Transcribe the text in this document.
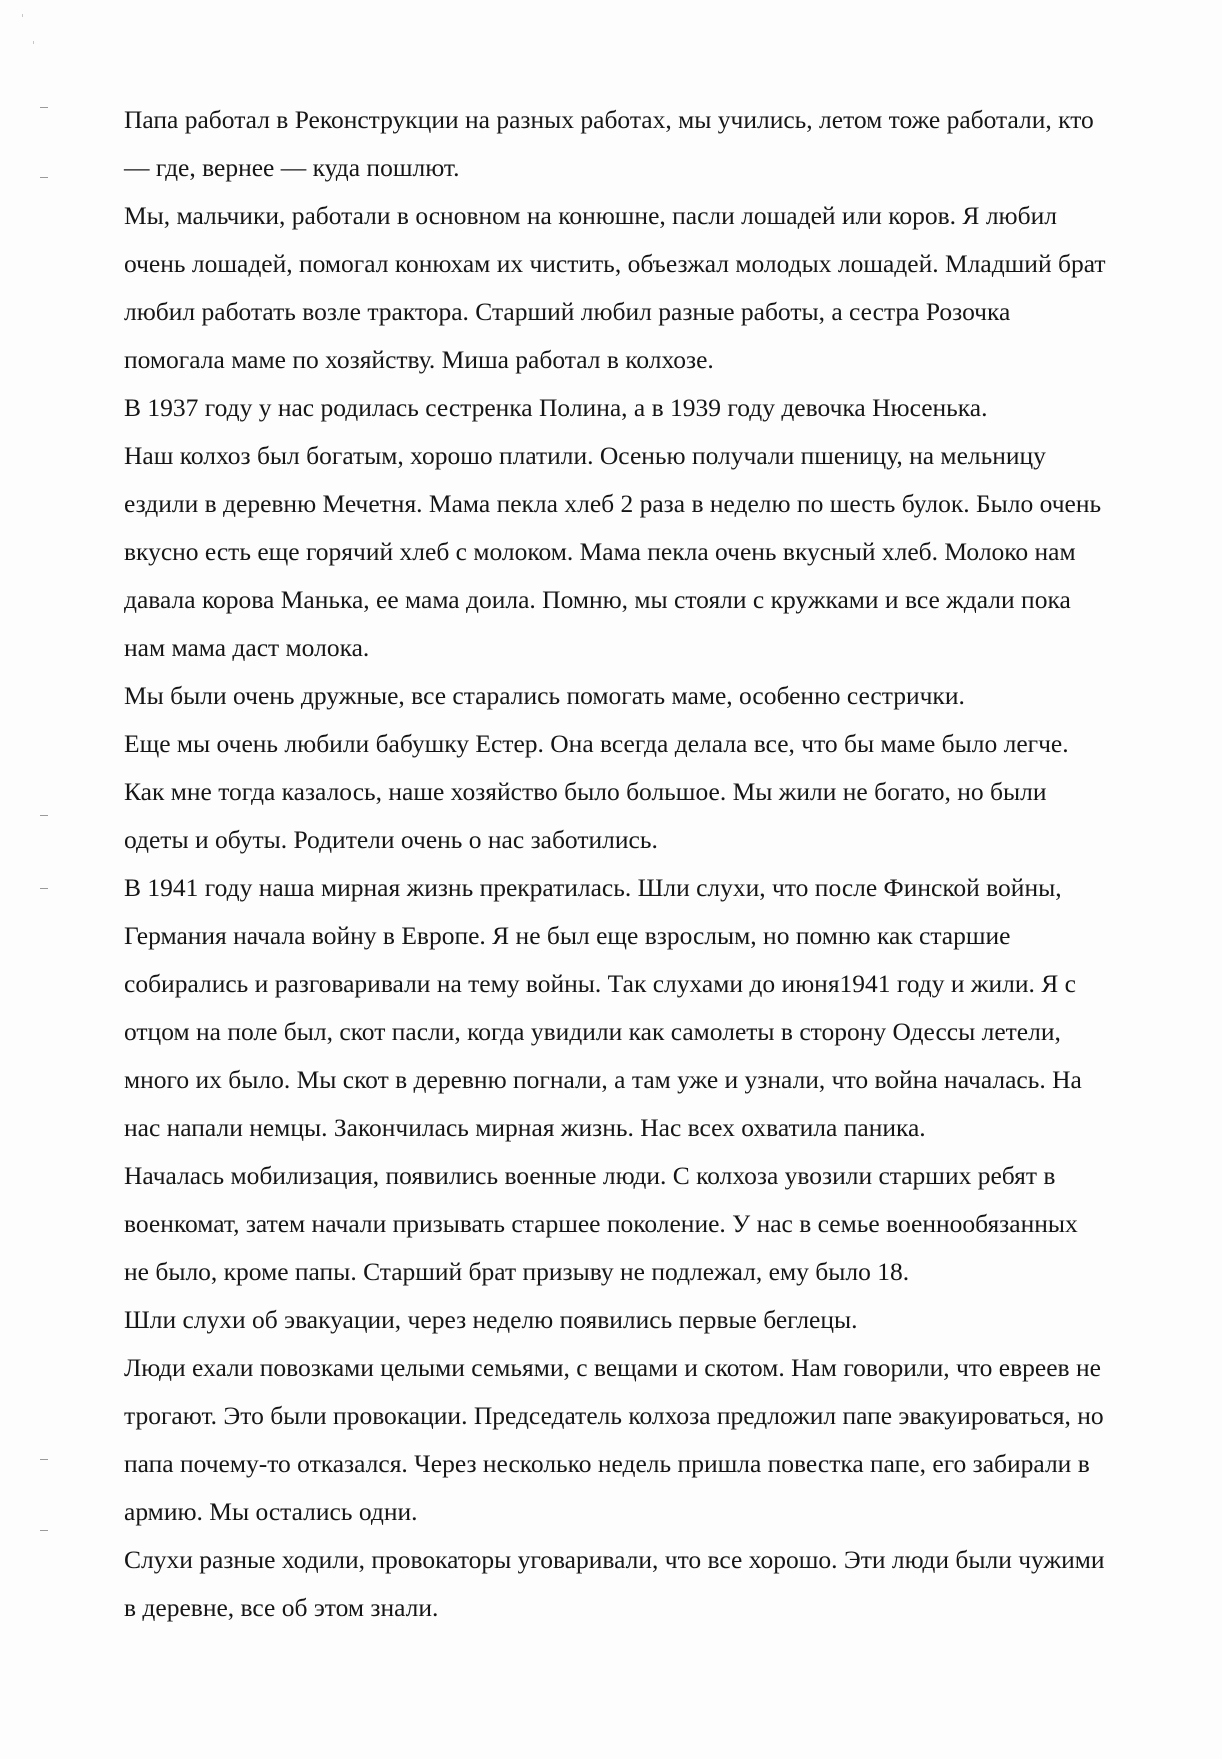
Папа работал в Реконструкции на разных работах, мы учились, летом тоже работали, кто
— где, вернее — куда пошлют.
Мы, мальчики, работали в основном на конюшне, пасли лошадей или коров. Я любил
очень лошадей, помогал конюхам их чистить, объезжал молодых лошадей. Младший брат
любил работать возле трактора. Старший любил разные работы, а сестра Розочка
помогала маме по хозяйству. Миша работал в колхозе.
В 1937 году у нас родилась сестренка Полина, а в 1939 году девочка Нюсенька.
Наш колхоз был богатым, хорошо платили. Осенью получали пшеницу, на мельницу
ездили в деревню Мечетня. Мама пекла хлеб 2 раза в неделю по шесть булок. Было очень
вкусно есть еще горячий хлеб с молоком. Мама пекла очень вкусный хлеб. Молоко нам
давала корова Манька, ее мама доила. Помню, мы стояли с кружками и все ждали пока
нам мама даст молока.
Мы были очень дружные, все старались помогать маме, особенно сестрички.
Еще мы очень любили бабушку Естер. Она всегда делала все, что бы маме было легче.
Как мне тогда казалось, наше хозяйство было большое. Мы жили не богато, но были
одеты и обуты. Родители очень о нас заботились.
В 1941 году наша мирная жизнь прекратилась. Шли слухи, что после Финской войны,
Германия начала войну в Европе. Я не был еще взрослым, но помню как старшие
собирались и разговаривали на тему войны. Так слухами до июня1941 году и жили. Я с
отцом на поле был, скот пасли, когда увидили как самолеты в сторону Одессы летели,
много их было. Мы скот в деревню погнали, а там уже и узнали, что война началась. На
нас напали немцы. Закончилась мирная жизнь. Нас всех охватила паника.
Началась мобилизация, появились военные люди. С колхоза увозили старших ребят в
военкомат, затем начали призывать старшее поколение. У нас в семье военнообязанных
не было, кроме папы. Старший брат призыву не подлежал, ему было 18.
Шли слухи об эвакуации, через неделю появились первые беглецы.
Люди ехали повозками целыми семьями, с вещами и скотом. Нам говорили, что евреев не
трогают. Это были провокации. Председатель колхоза предложил папе эвакуироваться, но
папа почему-то отказался. Через несколько недель пришла повестка папе, его забирали в
армию. Мы остались одни.
Слухи разные ходили, провокаторы уговаривали, что все хорошо. Эти люди были чужими
в деревне, все об этом знали.
